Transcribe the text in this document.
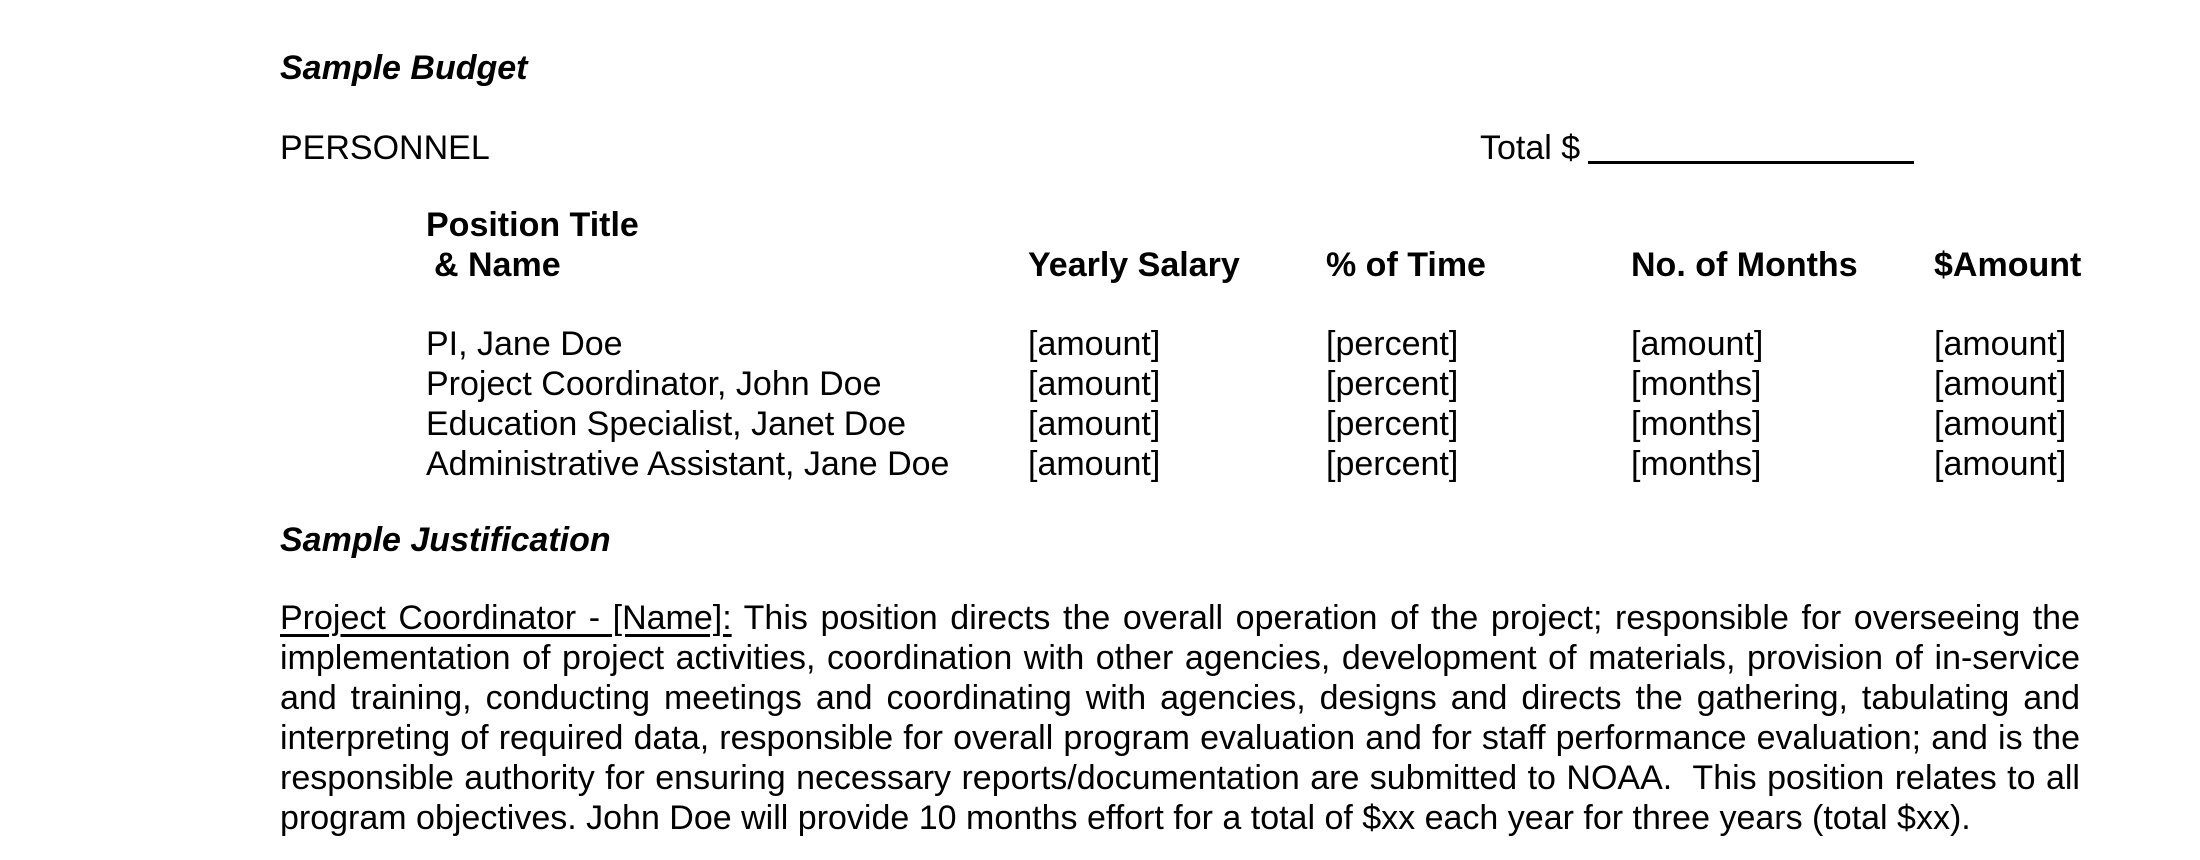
Sample Budget
PERSONNEL	Total $
Position Title
& Name	Yearly Salary	% of Time	No. of Months $Amount
PI, Jane Doe	[amount]	[percent]	[amount]	[amount]
Project Coordinator, John Doe	[amount]	[percent]	[months]	[amount]
Education Specialist, Janet Doe	[amount]	[percent]	[months]	[amount]
Administrative Assistant, Jane Doe [amount]	[percent]	[months]	[amount]
Sample Justification
Project Coordinator - [Name]: This position directs the overall operation of the project; responsible for overseeing the
implementation of project activities, coordination with other agencies, development of materials, provision of in-service
and training, conducting meetings and coordinating with agencies, designs and directs the gathering, tabulating and
interpreting of required data, responsible for overall program evaluation and for staff performance evaluation; and is the
responsible authority for ensuring necessary reports/documentation are submitted to NOAA.  This position relates to all
program objectives. John Doe will provide 10 months effort for a total of $xx each year for three years (total $xx).
